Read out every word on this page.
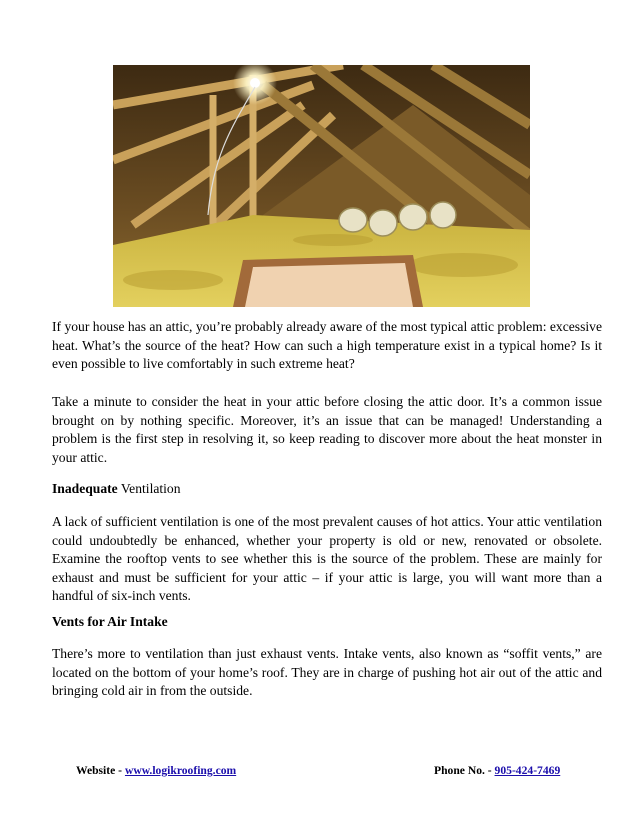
If your house has an attic, you’re probably already aware of the most typical attic problem: excessive heat. What’s the source of the heat? How can such a high temperature exist in a typical home? Is it even possible to live comfortably in such extreme heat?

Take a minute to consider the heat in your attic before closing the attic door. It’s a common issue brought on by nothing specific. Moreover, it’s an issue that can be managed! Understanding a problem is the first step in resolving it, so keep reading to discover more about the heat monster in your attic.

Inadequate Ventilation

A lack of sufficient ventilation is one of the most prevalent causes of hot attics. Your attic ventilation could undoubtedly be enhanced, whether your property is old or new, renovated or obsolete. Examine the rooftop vents to see whether this is the source of the problem. These are mainly for exhaust and must be sufficient for your attic – if your attic is large, you will want more than a handful of six-inch vents.

Vents for Air Intake

There’s more to ventilation than just exhaust vents. Intake vents, also known as “soffit vents,” are located on the bottom of your home’s roof. They are in charge of pushing hot air out of the attic and bringing cold air in from the outside.

Website - www.logikroofing.com	Phone No. - 905-424-7469
